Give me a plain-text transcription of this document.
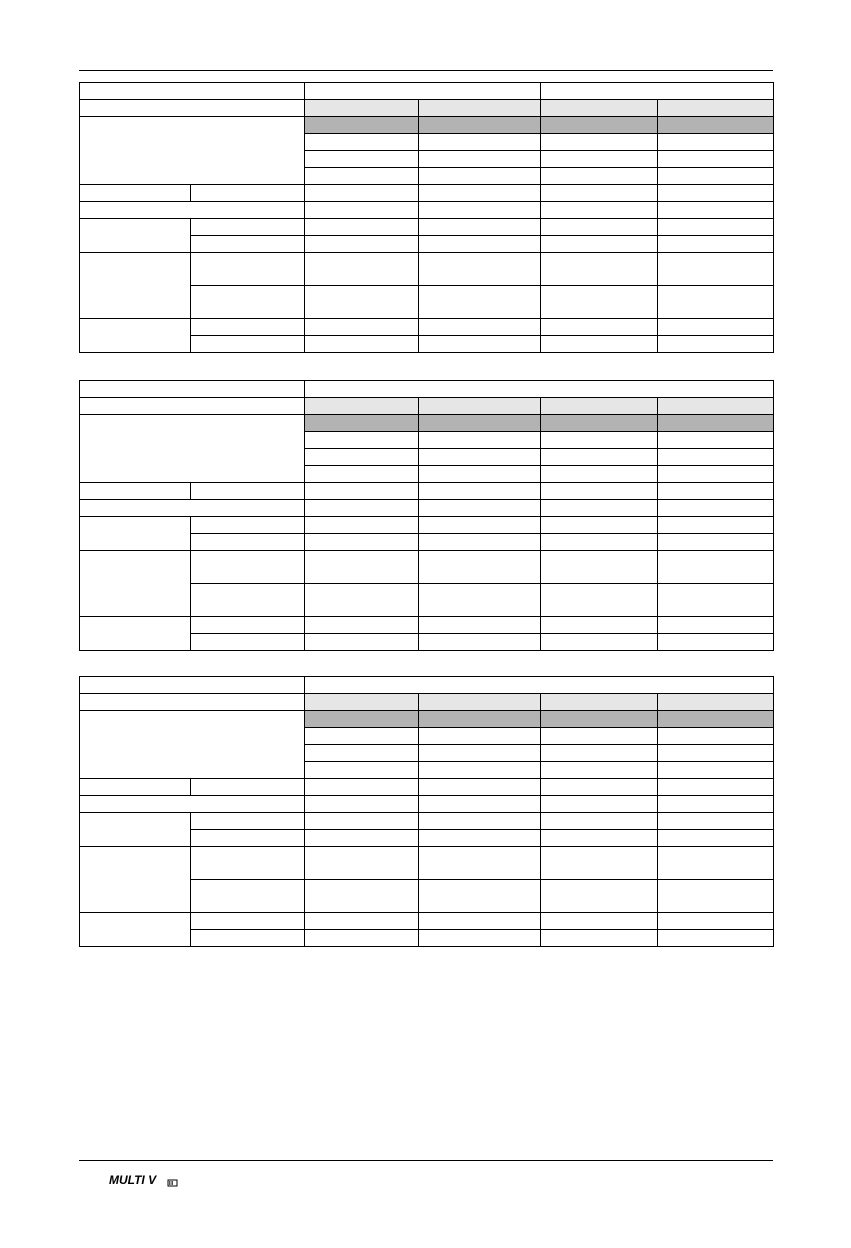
MULTI V	III
